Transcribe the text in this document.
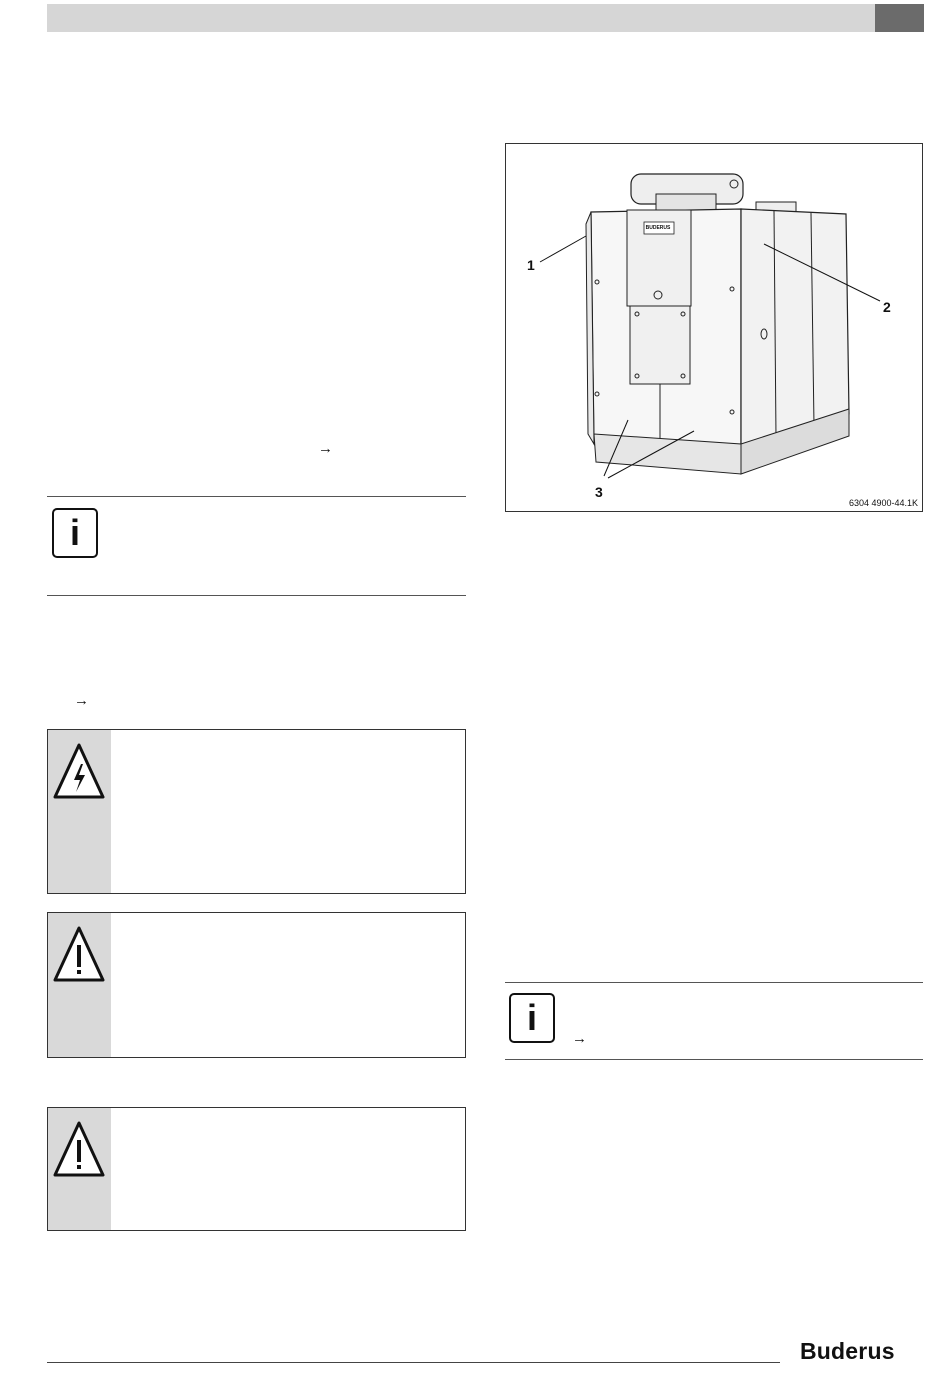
→
i
→
BUDERUS
1
2
3
6304 4900-44.1K
i
→
Buderus
